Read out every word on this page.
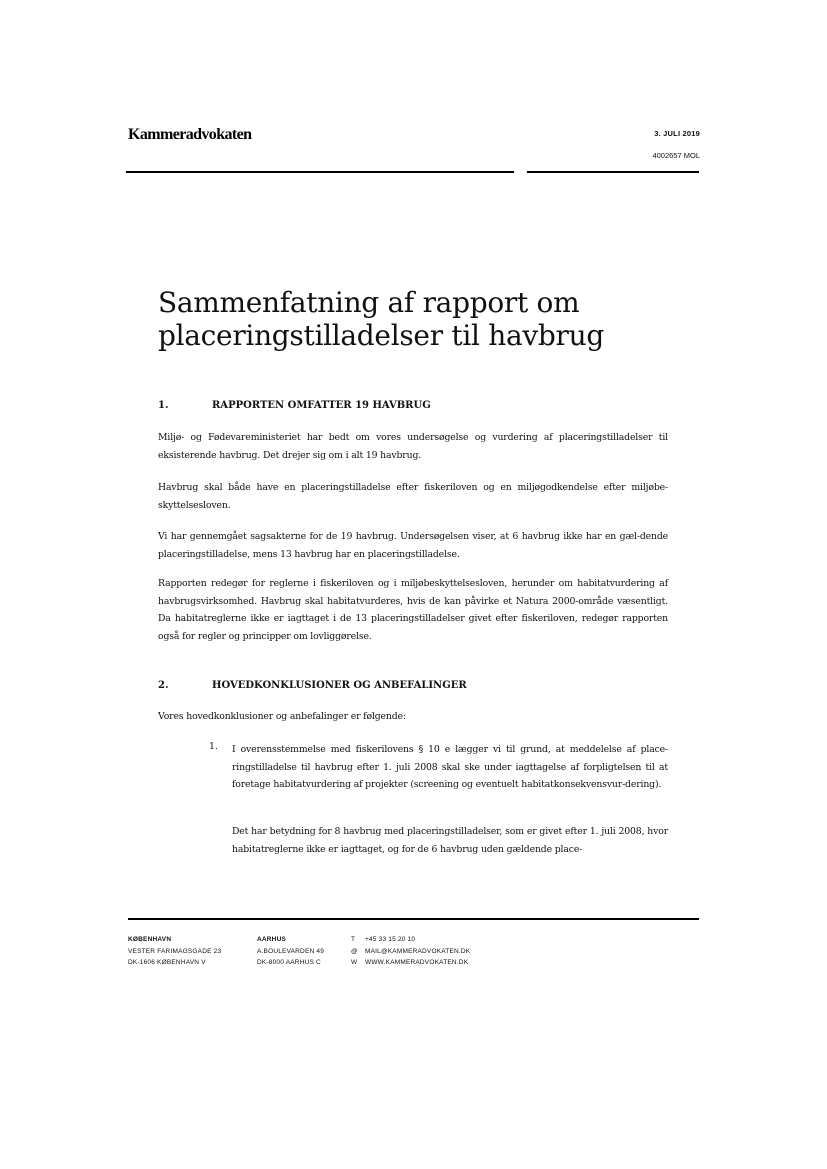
Kammeradvokaten	3. JULI 2019
4002657 MOL
Sammenfatning af rapport om placeringstilladelser til havbrug
1.	RAPPORTEN OMFATTER 19 HAVBRUG
Miljø- og Fødevareministeriet har bedt om vores undersøgelse og vurdering af placeringstilladelser til eksisterende havbrug. Det drejer sig om i alt 19 havbrug.
Havbrug skal både have en placeringstilladelse efter fiskeriloven og en miljøgodkendelse efter miljøbe-skyttelsesloven.
Vi har gennemgået sagsakterne for de 19 havbrug. Undersøgelsen viser, at 6 havbrug ikke har en gæl-dende placeringstilladelse, mens 13 havbrug har en placeringstilladelse.
Rapporten redegør for reglerne i fiskeriloven og i miljøbeskyttelsesloven, herunder om habitatvurdering af havbrugsvirksomhed. Havbrug skal habitatvurderes, hvis de kan påvirke et Natura 2000-område væsentligt. Da habitatreglerne ikke er iagttaget i de 13 placeringstilladelser givet efter fiskeriloven, redegør rapporten også for regler og principper om lovliggørelse.
2.	HOVEDKONKLUSIONER OG ANBEFALINGER
Vores hovedkonklusioner og anbefalinger er følgende:
1. I overensstemmelse med fiskerilovens § 10 e lægger vi til grund, at meddelelse af place-ringstilladelse til havbrug efter 1. juli 2008 skal ske under iagttagelse af forpligtelsen til at foretage habitatvurdering af projekter (screening og eventuelt habitatkonsekvensvur-dering).
Det har betydning for 8 havbrug med placeringstilladelser, som er givet efter 1. juli 2008, hvor habitatreglerne ikke er iagttaget, og for de 6 havbrug uden gældende place-
KØBENHAVN
VESTER FARIMAGSGADE 23
DK-1606 KØBENHAVN V
AARHUS
A.BOULEVARDEN 49
DK-8000 AARHUS C
T	+45 33 15 20 10
@	MAIL@KAMMERADVOKATEN.DK
W	WWW.KAMMERADVOKATEN.DK
